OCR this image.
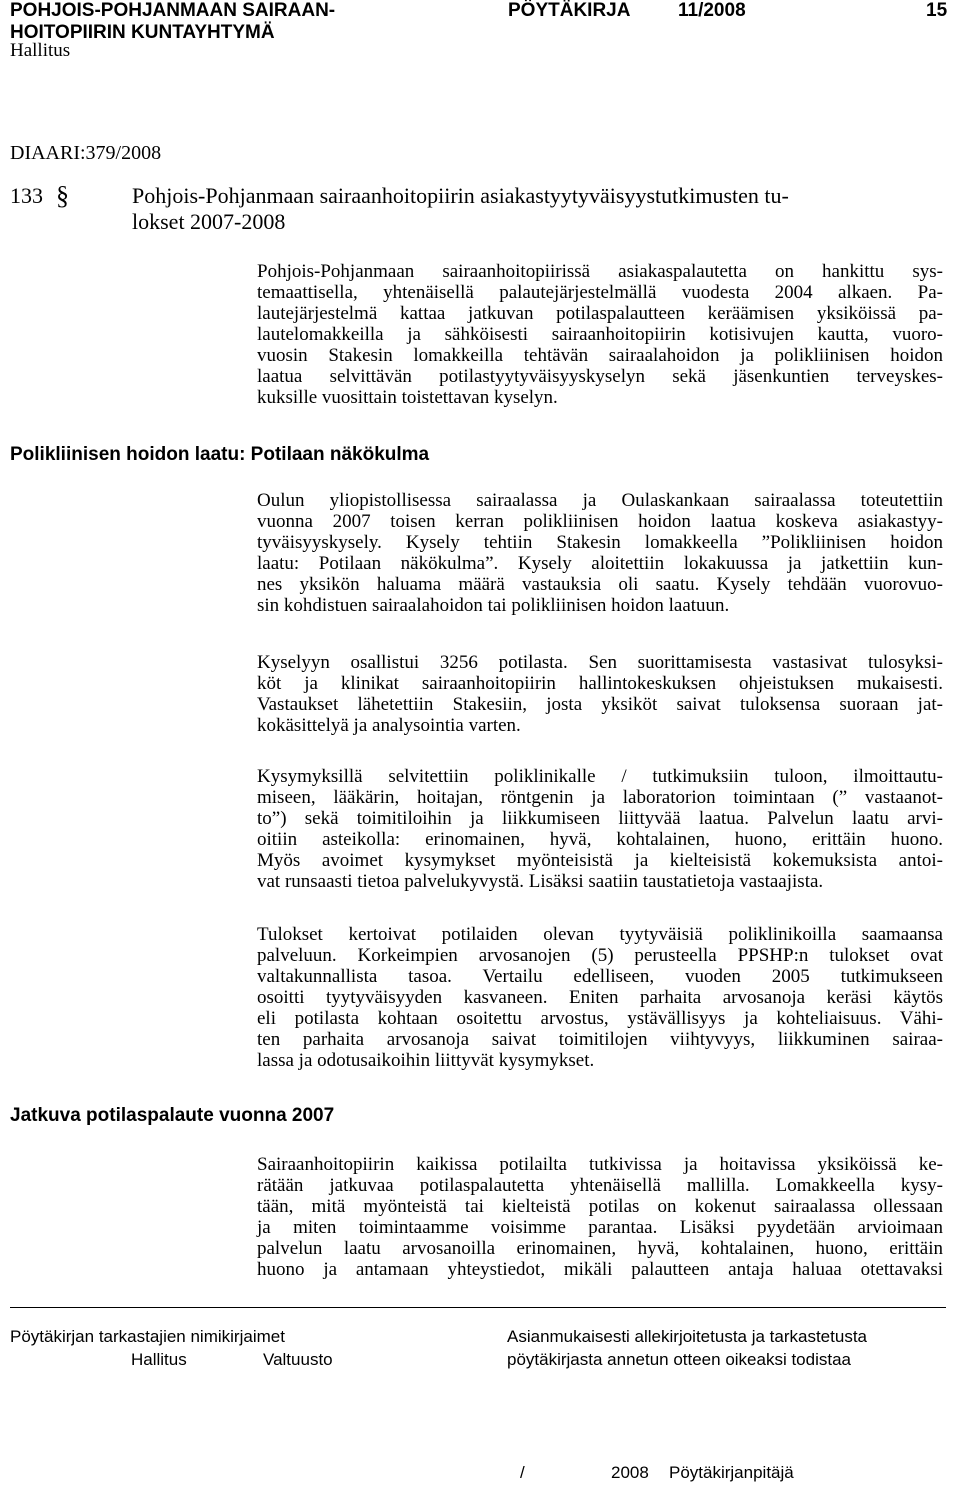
POHJOIS-POHJANMAAN SAIRAAN-
HOITOPIIRIN KUNTAYHTYMÄ
PÖYTÄKIRJA	11/2008	15
Hallitus
DIAARI:379/2008
133 §	Pohjois-Pohjanmaan sairaanhoitopiirin asiakastyytyväisyystutkimusten tu-
lokset 2007-2008
Pohjois-Pohjanmaan sairaanhoitopiirissä asiakaspalautetta on hankittu sys-
temaattisella, yhtenäisellä palautejärjestelmällä vuodesta 2004 alkaen. Pa-
lautejärjestelmä kattaa jatkuvan potilaspalautteen keräämisen yksiköissä pa-
lautelomakkeilla ja sähköisesti sairaanhoitopiirin kotisivujen kautta, vuoro-
vuosin Stakesin lomakkeilla tehtävän sairaalahoidon ja polikliinisen hoidon
laatua selvittävän potilastyytyväisyyskyselyn sekä jäsenkuntien terveyskes-
kuksille vuosittain toistettavan kyselyn.
Polikliinisen hoidon laatu: Potilaan näkökulma
Oulun yliopistollisessa sairaalassa ja Oulaskankaan sairaalassa toteutettiin
vuonna 2007 toisen kerran polikliinisen hoidon laatua koskeva asiakastyy-
tyväisyyskysely. Kysely tehtiin Stakesin lomakkeella ”Polikliinisen hoidon
laatu: Potilaan näkökulma”. Kysely aloitettiin lokakuussa ja jatkettiin kun-
nes yksikön haluama määrä vastauksia oli saatu. Kysely tehdään vuorovuo-
sin kohdistuen sairaalahoidon tai polikliinisen hoidon laatuun.
Kyselyyn osallistui 3256 potilasta. Sen suorittamisesta vastasivat tulosyksi-
köt ja klinikat sairaanhoitopiirin hallintokeskuksen ohjeistuksen mukaisesti.
Vastaukset lähetettiin Stakesiin, josta yksiköt saivat tuloksensa suoraan jat-
kokäsittelyä ja analysointia varten.
Kysymyksillä selvitettiin poliklinikalle / tutkimuksiin tuloon, ilmoittautu-
miseen, lääkärin, hoitajan, röntgenin ja laboratorion toimintaan (” vastaanot-
to”) sekä toimitiloihin ja liikkumiseen liittyvää laatua. Palvelun laatu arvi-
oitiin asteikolla: erinomainen, hyvä, kohtalainen, huono, erittäin huono.
Myös avoimet kysymykset myönteisistä ja kielteisistä kokemuksista antoi-
vat runsaasti tietoa palvelukyvystä. Lisäksi saatiin taustatietoja vastaajista.
Tulokset kertoivat potilaiden olevan tyytyväisiä poliklinikoilla saamaansa
palveluun. Korkeimpien arvosanojen (5) perusteella PPSHP:n tulokset ovat
valtakunnallista tasoa. Vertailu edelliseen, vuoden 2005 tutkimukseen
osoitti tyytyväisyyden kasvaneen. Eniten parhaita arvosanoja keräsi käytös
eli potilasta kohtaan osoitettu arvostus, ystävällisyys ja kohteliaisuus. Vähi-
ten parhaita arvosanoja saivat toimitilojen viihtyvyys, liikkuminen sairaa-
lassa ja odotusaikoihin liittyvät kysymykset.
Jatkuva potilaspalaute vuonna 2007
Sairaanhoitopiirin kaikissa potilailta tutkivissa ja hoitavissa yksiköissä ke-
rätään jatkuvaa potilaspalautetta yhtenäisellä mallilla. Lomakkeella kysy-
tään, mitä myönteistä tai kielteistä potilas on kokenut sairaalassa ollessaan
ja miten toimintaamme voisimme parantaa. Lisäksi pyydetään arvioimaan
palvelun laatu arvosanoilla erinomainen, hyvä, kohtalainen, huono, erittäin
huono ja antamaan yhteystiedot, mikäli palautteen antaja haluaa otettavaksi
Pöytäkirjan tarkastajien nimikirjaimet
Hallitus	Valtuusto
Asianmukaisesti allekirjoitetusta ja tarkastetusta
pöytäkirjasta annetun otteen oikeaksi todistaa
/	2008 Pöytäkirjanpitäjä
